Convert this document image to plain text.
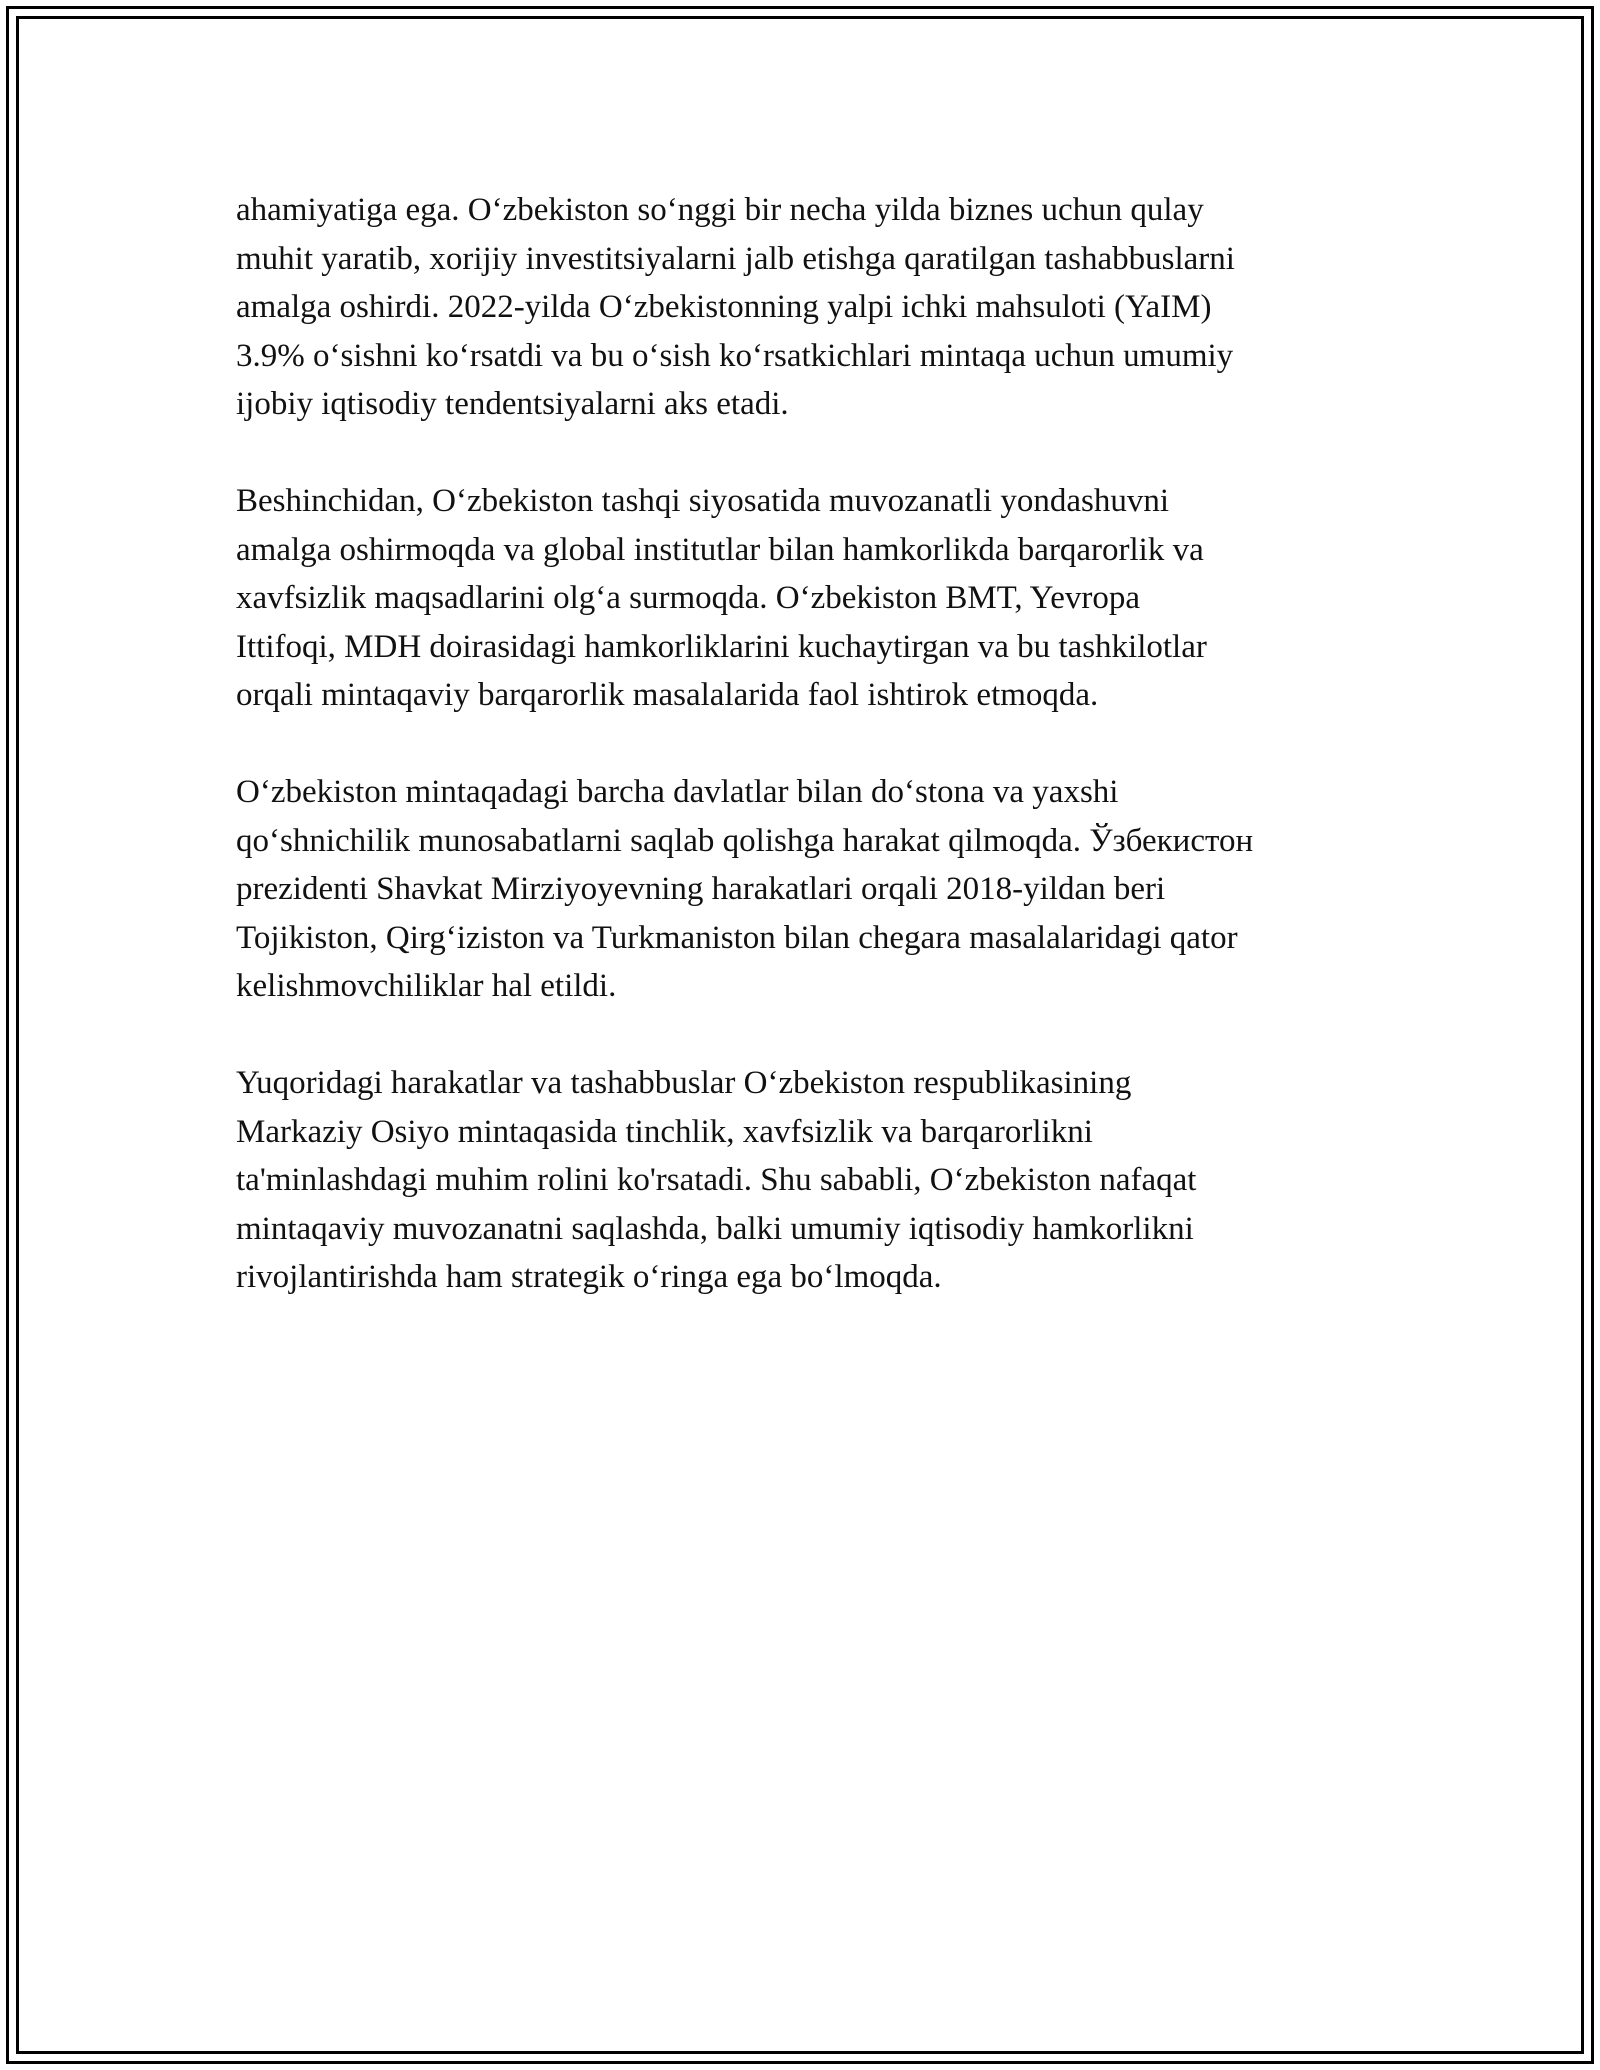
ahamiyatiga ega. Oʻzbekiston soʻnggi bir necha yilda biznes uchun qulay
muhit yaratib, xorijiy investitsiyalarni jalb etishga qaratilgan tashabbuslarni
amalga oshirdi. 2022-yilda Oʻzbekistonning yalpi ichki mahsuloti (YaIM)
3.9% oʻsishni koʻrsatdi va bu oʻsish koʻrsatkichlari mintaqa uchun umumiy
ijobiy iqtisodiy tendentsiyalarni aks etadi.

Beshinchidan, Oʻzbekiston tashqi siyosatida muvozanatli yondashuvni
amalga oshirmoqda va global institutlar bilan hamkorlikda barqarorlik va
xavfsizlik maqsadlarini olgʻa surmoqda. Oʻzbekiston BMT, Yevropa
Ittifoqi, MDH doirasidagi hamkorliklarini kuchaytirgan va bu tashkilotlar
orqali mintaqaviy barqarorlik masalalarida faol ishtirok etmoqda.

Oʻzbekiston mintaqadagi barcha davlatlar bilan doʻstona va yaxshi
qoʻshnichilik munosabatlarni saqlab qolishga harakat qilmoqda. Ўзбекистон
prezidenti Shavkat Mirziyoyevning harakatlari orqali 2018-yildan beri
Tojikiston, Qirgʻiziston va Turkmaniston bilan chegara masalalaridagi qator
kelishmovchiliklar hal etildi.

Yuqoridagi harakatlar va tashabbuslar Oʻzbekiston respublikasining
Markaziy Osiyo mintaqasida tinchlik, xavfsizlik va barqarorlikni
ta'minlashdagi muhim rolini ko'rsatadi. Shu sababli, Oʻzbekiston nafaqat
mintaqaviy muvozanatni saqlashda, balki umumiy iqtisodiy hamkorlikni
rivojlantirishda ham strategik oʻringa ega boʻlmoqda.
